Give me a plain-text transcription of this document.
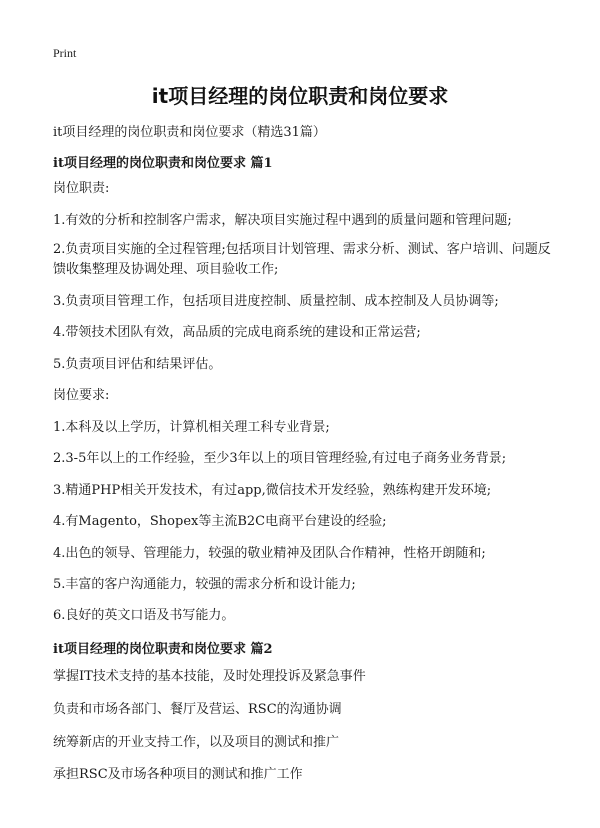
Print
it项目经理的岗位职责和岗位要求
it项目经理的岗位职责和岗位要求（精选31篇）
it项目经理的岗位职责和岗位要求 篇1
岗位职责:
1.有效的分析和控制客户需求，解决项目实施过程中遇到的质量问题和管理问题;
2.负责项目实施的全过程管理;包括项目计划管理、需求分析、测试、客户培训、问题反馈收集整理及协调处理、项目验收工作;
3.负责项目管理工作，包括项目进度控制、质量控制、成本控制及人员协调等;
4.带领技术团队有效，高品质的完成电商系统的建设和正常运营;
5.负责项目评估和结果评估。
岗位要求:
1.本科及以上学历，计算机相关理工科专业背景;
2.3-5年以上的工作经验，至少3年以上的项目管理经验,有过电子商务业务背景;
3.精通PHP相关开发技术，有过app,微信技术开发经验，熟练构建开发环境;
4.有Magento，Shopex等主流B2C电商平台建设的经验;
4.出色的领导、管理能力，较强的敬业精神及团队合作精神，性格开朗随和;
5.丰富的客户沟通能力，较强的需求分析和设计能力;
6.良好的英文口语及书写能力。
it项目经理的岗位职责和岗位要求 篇2
掌握IT技术支持的基本技能，及时处理投诉及紧急事件
负责和市场各部门、餐厅及营运、RSC的沟通协调
统筹新店的开业支持工作，以及项目的测试和推广
承担RSC及市场各种项目的测试和推广工作
